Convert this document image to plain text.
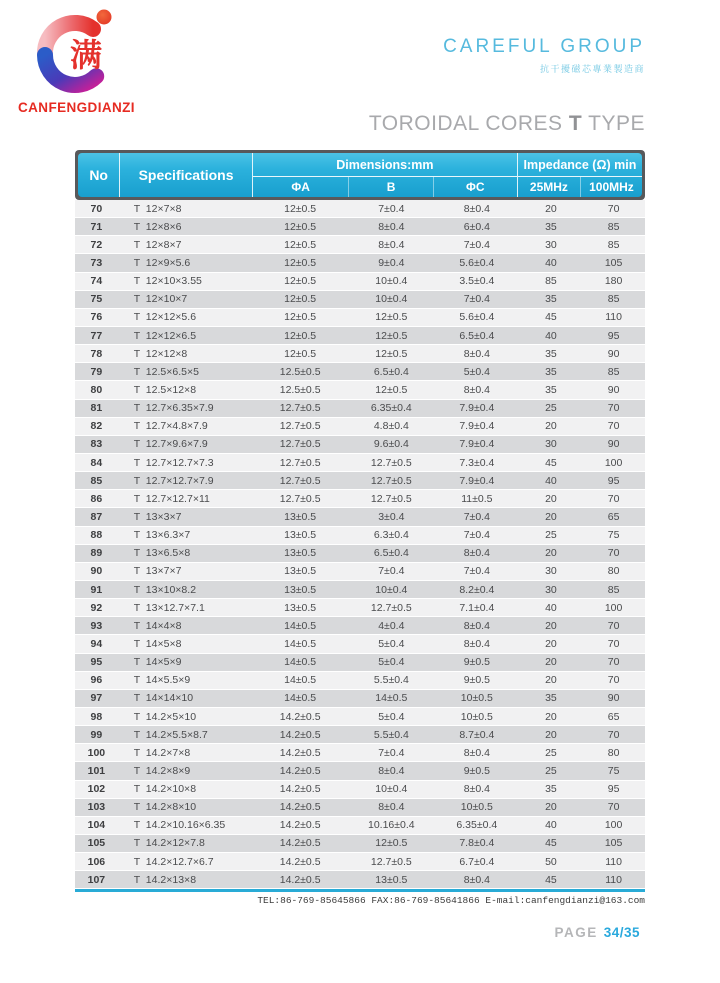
满
CANFENGDIANZI
CAREFUL GROUP
抗干擾磁芯專業製造商
TOROIDAL CORES T TYPE
No	Specifications
Dimensions:mm
ΦA	B	ΦC
Impedance (Ω) min
25MHz	100MHz
70	T  12×7×8	12±0.5	7±0.4	8±0.4	20	70
71	T  12×8×6	12±0.5	8±0.4	6±0.4	35	85
72	T  12×8×7	12±0.5	8±0.4	7±0.4	30	85
73	T  12×9×5.6	12±0.5	9±0.4	5.6±0.4	40	105
74	T  12×10×3.55	12±0.5	10±0.4	3.5±0.4	85	180
75	T  12×10×7	12±0.5	10±0.4	7±0.4	35	85
76	T  12×12×5.6	12±0.5	12±0.5	5.6±0.4	45	110
77	T  12×12×6.5	12±0.5	12±0.5	6.5±0.4	40	95
78	T  12×12×8	12±0.5	12±0.5	8±0.4	35	90
79	T  12.5×6.5×5	12.5±0.5	6.5±0.4	5±0.4	35	85
80	T  12.5×12×8	12.5±0.5	12±0.5	8±0.4	35	90
81	T  12.7×6.35×7.9	12.7±0.5	6.35±0.4	7.9±0.4	25	70
82	T  12.7×4.8×7.9	12.7±0.5	4.8±0.4	7.9±0.4	20	70
83	T  12.7×9.6×7.9	12.7±0.5	9.6±0.4	7.9±0.4	30	90
84	T  12.7×12.7×7.3	12.7±0.5	12.7±0.5	7.3±0.4	45	100
85	T  12.7×12.7×7.9	12.7±0.5	12.7±0.5	7.9±0.4	40	95
86	T  12.7×12.7×11	12.7±0.5	12.7±0.5	11±0.5	20	70
87	T  13×3×7	13±0.5	3±0.4	7±0.4	20	65
88	T  13×6.3×7	13±0.5	6.3±0.4	7±0.4	25	75
89	T  13×6.5×8	13±0.5	6.5±0.4	8±0.4	20	70
90	T  13×7×7	13±0.5	7±0.4	7±0.4	30	80
91	T  13×10×8.2	13±0.5	10±0.4	8.2±0.4	30	85
92	T  13×12.7×7.1	13±0.5	12.7±0.5	7.1±0.4	40	100
93	T  14×4×8	14±0.5	4±0.4	8±0.4	20	70
94	T  14×5×8	14±0.5	5±0.4	8±0.4	20	70
95	T  14×5×9	14±0.5	5±0.4	9±0.5	20	70
96	T  14×5.5×9	14±0.5	5.5±0.4	9±0.5	20	70
97	T  14×14×10	14±0.5	14±0.5	10±0.5	35	90
98	T  14.2×5×10	14.2±0.5	5±0.4	10±0.5	20	65
99	T  14.2×5.5×8.7	14.2±0.5	5.5±0.4	8.7±0.4	20	70
100	T  14.2×7×8	14.2±0.5	7±0.4	8±0.4	25	80
101	T  14.2×8×9	14.2±0.5	8±0.4	9±0.5	25	75
102	T  14.2×10×8	14.2±0.5	10±0.4	8±0.4	35	95
103	T  14.2×8×10	14.2±0.5	8±0.4	10±0.5	20	70
104	T  14.2×10.16×6.35	14.2±0.5	10.16±0.4	6.35±0.4	40	100
105	T  14.2×12×7.8	14.2±0.5	12±0.5	7.8±0.4	45	105
106	T  14.2×12.7×6.7	14.2±0.5	12.7±0.5	6.7±0.4	50	110
107	T  14.2×13×8	14.2±0.5	13±0.5	8±0.4	45	110
TEL:86-769-85645866 FAX:86-769-85641866 E-mail:canfengdianzi@163.com
PAGE 34/35
